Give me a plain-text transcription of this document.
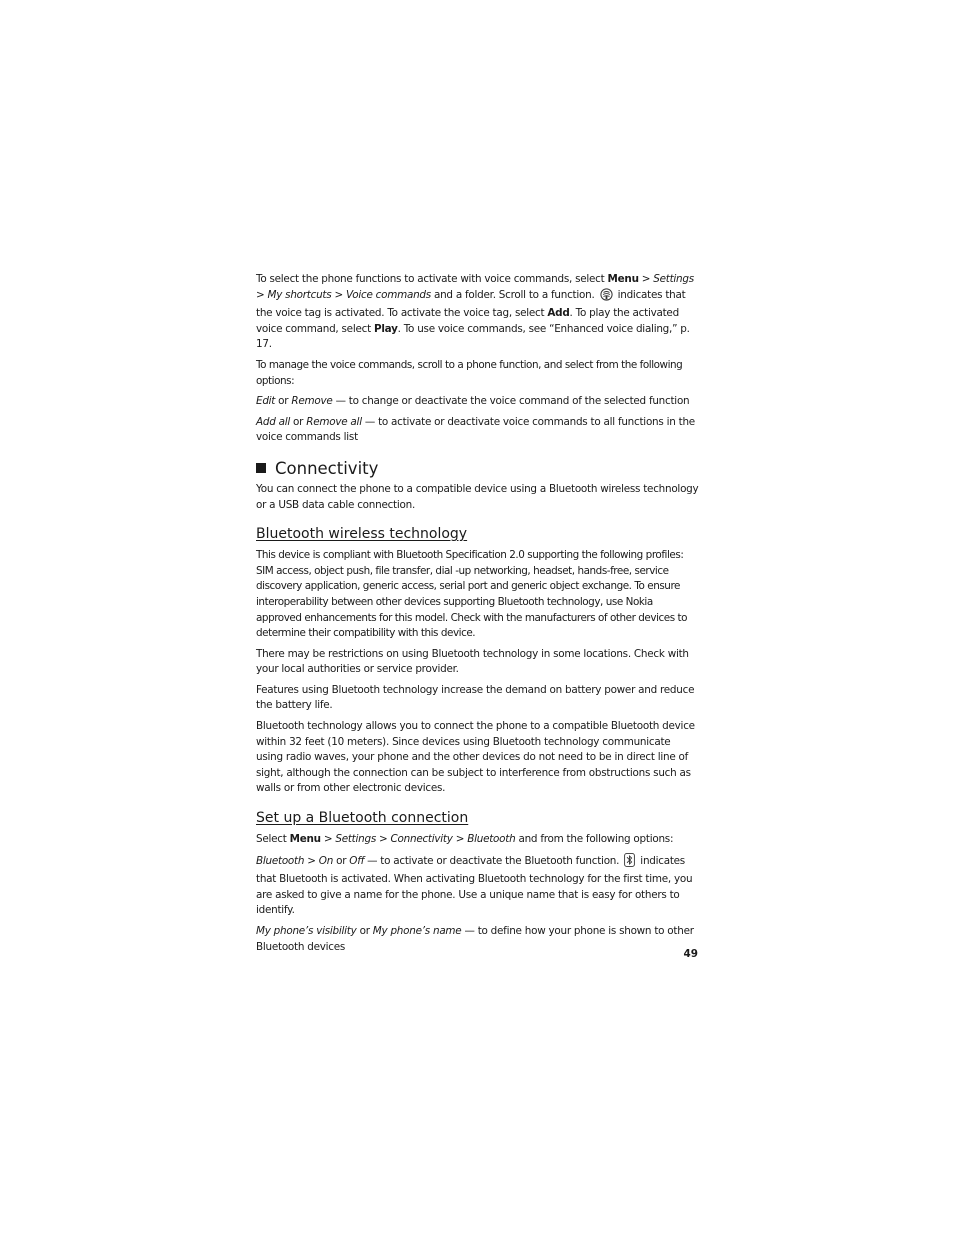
To select the phone functions to activate with voice commands, select Menu > Settings > My shortcuts > Voice commands and a folder. Scroll to a function.  indicates that the voice tag is activated. To activate the voice tag, select Add. To play the activated voice command, select Play. To use voice commands, see “Enhanced voice dialing,” p. 17.

To manage the voice commands, scroll to a phone function, and select from the following options:

Edit or Remove — to change or deactivate the voice command of the selected function

Add all or Remove all — to activate or deactivate voice commands to all functions in the voice commands list

Connectivity

You can connect the phone to a compatible device using a Bluetooth wireless technology or a USB data cable connection.

Bluetooth wireless technology

This device is compliant with Bluetooth Specification 2.0 supporting the following profiles: SIM access, object push, file transfer, dial -up networking, headset, hands-free, service discovery application, generic access, serial port and generic object exchange. To ensure interoperability between other devices supporting Bluetooth technology, use Nokia approved enhancements for this model. Check with the manufacturers of other devices to determine their compatibility with this device.

There may be restrictions on using Bluetooth technology in some locations. Check with your local authorities or service provider.

Features using Bluetooth technology increase the demand on battery power and reduce the battery life.

Bluetooth technology allows you to connect the phone to a compatible Bluetooth device within 32 feet (10 meters). Since devices using Bluetooth technology communicate using radio waves, your phone and the other devices do not need to be in direct line of sight, although the connection can be subject to interference from obstructions such as walls or from other electronic devices.

Set up a Bluetooth connection

Select Menu > Settings > Connectivity > Bluetooth and from the following options:

Bluetooth > On or Off — to activate or deactivate the Bluetooth function.  indicates that Bluetooth is activated. When activating Bluetooth technology for the first time, you are asked to give a name for the phone. Use a unique name that is easy for others to identify.

My phone’s visibility or My phone’s name — to define how your phone is shown to other Bluetooth devices

49
